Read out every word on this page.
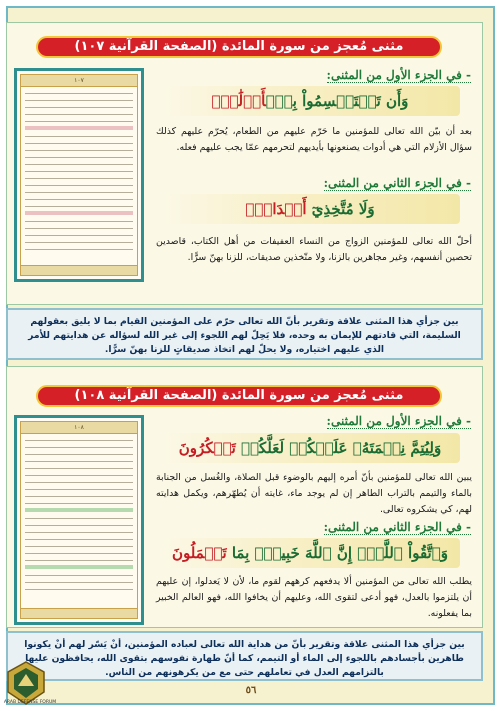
مثنى مُعجز من سورة المائدة (الصفحة القرآنية ١٠٧)
١٠٧	- في الجزء الأول من المثنى:
وَأَن تَسۡتَقۡسِمُواْ بِٱلۡأَزۡلَٰمِۚ
بعد أن بيّن الله تعالى للمؤمنين ما حَرّم عليهم من الطعام، يُحرّم عليهم كذلك سؤال الأزلام التي هي أدوات يصنعونها بأيديهم لتحرمهم عمّا يجب عليهم فعله.
- في الجزء الثاني من المثنى:
وَلَا مُتَّخِذِيٓ أَخۡدَانٖۗ
أحلّ الله تعالى للمؤمنين الزواج من النساء العفيفات من أهل الكتاب، قاصدين تحصين أنفسهم، وغير مجاهرين بالزنا، ولا متّخذين صديقات، للزنا بهنّ سرًّا.
بين جزأي هذا المثنى علاقة وتقرير بأنّ الله تعالى حرّم على المؤمنين القيام بما لا يليق بعقولهم السليمة، التي قادتهم للإيمان به وحده، فلا يَحِلّ لهم اللجوء إلى غير الله لسؤاله عن هدايتهم للأمر الذي عليهم اختياره، ولا يحلّ لهم اتخاذ صديقاتٍ للزنا بهنّ سرًّا.
مثنى مُعجز من سورة المائدة (الصفحة القرآنية ١٠٨)
١٠٨	- في الجزء الأول من المثنى:
وَلِيُتِمَّ نِعۡمَتَهُۥ عَلَيۡكُمۡ لَعَلَّكُمۡ تَشۡكُرُونَ
يبين الله تعالى للمؤمنين بأنّ أمره إليهم بالوضوء قبل الصلاة، والغُسل من الجنابة بالماء والتيمم بالتراب الطاهر إن لم يوجد ماء، غايته أن يُطهّرهم، ويكمل هدايته لهم، كي يشكروه تعالى.
- في الجزء الثاني من المثنى:
وَٱتَّقُواْ ٱللَّهَۚ إِنَّ ٱللَّهَ خَبِيرُۢ بِمَا تَعۡمَلُونَ
يطلب الله تعالى من المؤمنين ألا يدفعهم كرههم لقوم ما، لأن لا يَعدلوا، إن عليهم أن يلتزموا بالعدل، فهو أدعى لتقوى الله، وعليهم أن يخافوا الله، فهو العالم الخبير بما يفعلونه.
بين جزأي هذا المثنى علاقة وتقرير بأنّ من هداية الله تعالى لعباده المؤمنين، أنْ يَسّر لهم أنْ يكونوا طاهرين بأجسادهم باللجوء إلى الماء أو التيمم، كما أنّ طهارة نفوسهم بتقوى الله، يحافظون عليها بالتزامهم العدل في تعاملهم حتى مع من يكرهونهم من الناس.
٥٦
ARAB DEFENSE FORUM
